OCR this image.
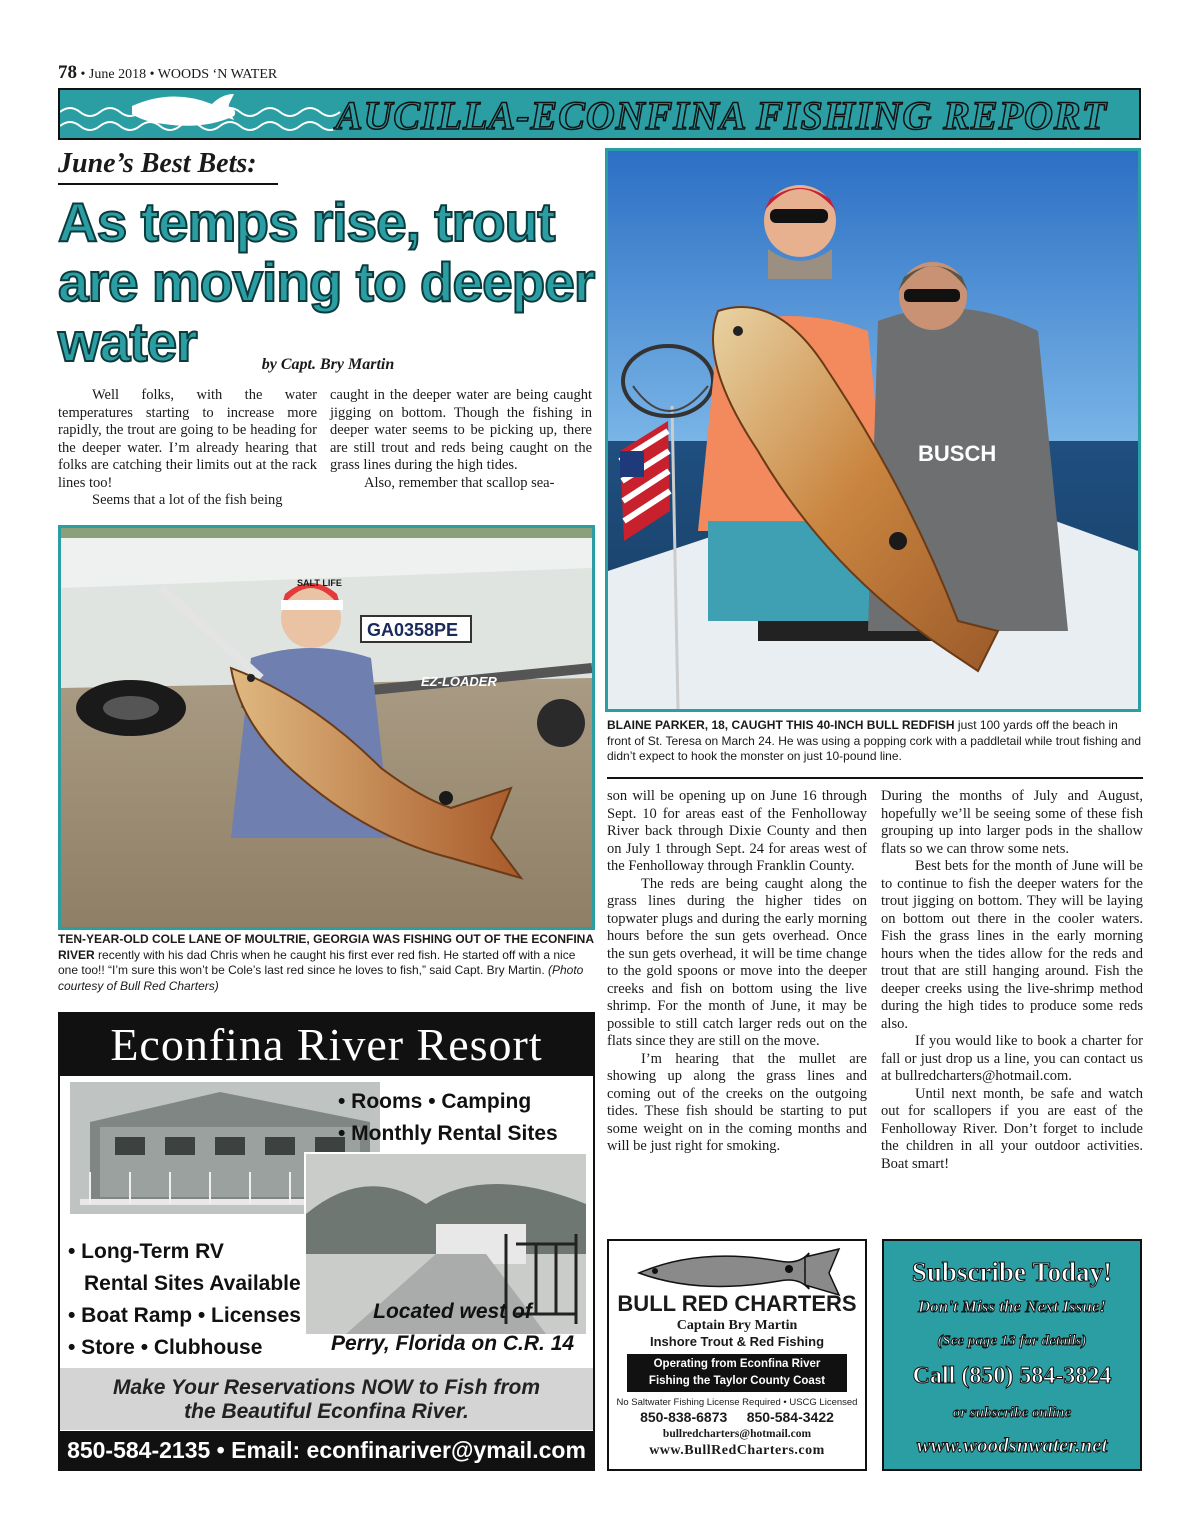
78 • June 2018 • WOODS ‘N WATER
AUCILLA-ECONFINA FISHING REPORT
June’s Best Bets:
As temps rise, trout are moving to deeper water	by Capt. Bry Martin

Well folks, with the water temperatures starting to increase more rapidly, the trout are going to be heading for the deeper water. I’m already hearing that folks are catching their limits out at the rack lines too!

Seems that a lot of the fish being

caught in the deeper water are being caught jigging on bottom. Though the fishing in deeper water seems to be picking up, there are still trout and reds being caught on the grass lines during the high tides.

Also, remember that scallop sea-

son will be opening up on June 16 through Sept. 10 for areas east of the Fenholloway River back through Dixie County and then on July 1 through Sept. 24 for areas west of the Fenholloway through Franklin County.

The reds are being caught along the grass lines during the higher tides on topwater plugs and during the early morning hours before the sun gets overhead. Once the sun gets overhead, it will be time change to the gold spoons or move into the deeper creeks and fish on bottom using the live shrimp. For the month of June, it may be possible to still catch larger reds out on the flats since they are still on the move.

I’m hearing that the mullet are showing up along the grass lines and coming out of the creeks on the outgoing tides. These fish should be starting to put some weight on in the coming months and will be just right for smoking.

During the months of July and August, hopefully we’ll be seeing some of these fish grouping up into larger pods in the shallow flats so we can throw some nets.

Best bets for the month of June will be to continue to fish the deeper waters for the trout jigging on bottom. They will be laying on bottom out there in the cooler waters. Fish the grass lines in the early morning hours when the tides allow for the reds and trout that are still hanging around. Fish the deeper creeks using the live-shrimp method during the high tides to produce some reds also.

If you would like to book a charter for fall or just drop us a line, you can contact us at bullredcharters@hotmail.com.

Until next month, be safe and watch out for scallopers if you are east of the Fenholloway River. Don’t forget to include the children in all your outdoor activities. Boat smart!

BUSCH
BLAINE PARKER, 18, CAUGHT THIS 40-INCH BULL REDFISH just 100 yards off the beach in front of St. Teresa on March 24. He was using a popping cork with a paddletail while trout fishing and didn’t expect to hook the monster on just 10-pound line.
GA0358PE
EZ-LOADER
SALT LIFE
TEN-YEAR-OLD COLE LANE OF MOULTRIE, GEORGIA WAS FISHING OUT OF THE ECONFINA RIVER recently with his dad Chris when he caught his first ever red fish. He started off with a nice one too!! “I’m sure this won’t be Cole’s last red since he loves to fish,” said Capt. Bry Martin. (Photo courtesy of Bull Red Charters)
Econfina River Resort
• Rooms • Camping
• Monthly Rental Sites
• Long-Term RV
Rental Sites Available
• Boat Ramp • Licenses
• Store • Clubhouse
Located west of
Perry, Florida on C.R. 14
Make Your Reservations NOW to Fish from
the Beautiful Econfina River.
850-584-2135 • Email: econfinariver@ymail.com
BULL RED CHARTERS
Captain Bry Martin
Inshore Trout & Red Fishing
Operating from Econfina River
Fishing the Taylor County Coast
No Saltwater Fishing License Required • USCG Licensed
850-838-6873     850-584-3422
bullredcharters@hotmail.com
www.BullRedCharters.com
Subscribe Today!
Don't Miss the Next Issue!
(See page 13 for details)
Call (850) 584-3824
or subscribe online
www.woodsnwater.net
